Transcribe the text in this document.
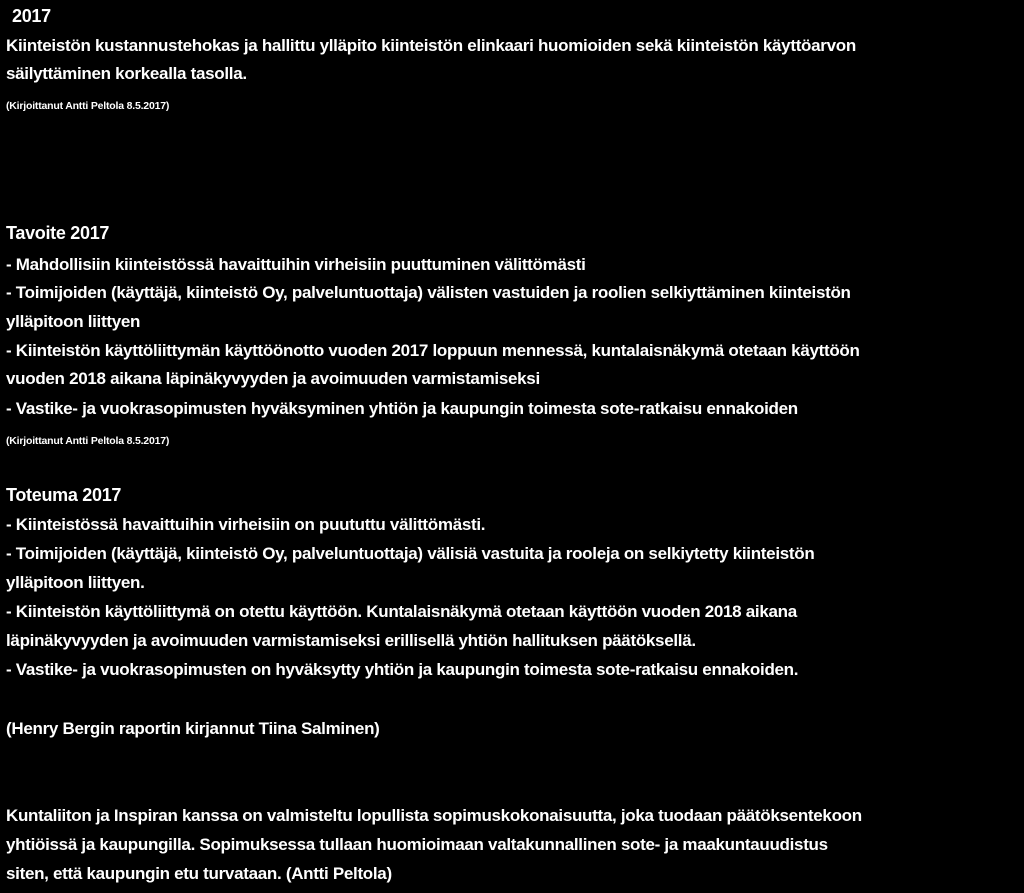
2017
Kiinteistön kustannustehokas ja hallittu ylläpito kiinteistön elinkaari huomioiden sekä kiinteistön käyttöarvon
säilyttäminen korkealla tasolla.
(Kirjoittanut Antti Peltola 8.5.2017)
Tavoite 2017
- Mahdollisiin kiinteistössä havaittuihin virheisiin puuttuminen välittömästi
- Toimijoiden (käyttäjä, kiinteistö Oy, palveluntuottaja) välisten vastuiden ja roolien selkiyttäminen kiinteistön
ylläpitoon liittyen
- Kiinteistön käyttöliittymän käyttöönotto vuoden 2017 loppuun mennessä, kuntalaisnäkymä otetaan käyttöön
vuoden 2018 aikana läpinäkyvyyden ja avoimuuden varmistamiseksi
- Vastike- ja vuokrasopimusten hyväksyminen yhtiön ja kaupungin toimesta sote-ratkaisu ennakoiden
(Kirjoittanut Antti Peltola 8.5.2017)
Toteuma 2017
- Kiinteistössä havaittuihin virheisiin on puututtu välittömästi.
- Toimijoiden (käyttäjä, kiinteistö Oy, palveluntuottaja) välisiä vastuita ja rooleja on selkiytetty kiinteistön
ylläpitoon liittyen.
- Kiinteistön käyttöliittymä on otettu käyttöön. Kuntalaisnäkymä otetaan käyttöön vuoden 2018 aikana
läpinäkyvyyden ja avoimuuden varmistamiseksi erillisellä yhtiön hallituksen päätöksellä.
- Vastike- ja vuokrasopimusten on hyväksytty yhtiön ja kaupungin toimesta sote-ratkaisu ennakoiden.
(Henry Bergin raportin kirjannut Tiina Salminen)
Kuntaliiton ja Inspiran kanssa on valmisteltu lopullista sopimuskokonaisuutta, joka tuodaan päätöksentekoon
yhtiöissä ja kaupungilla. Sopimuksessa tullaan huomioimaan valtakunnallinen sote- ja maakuntauudistus
siten, että kaupungin etu turvataan. (Antti Peltola)
